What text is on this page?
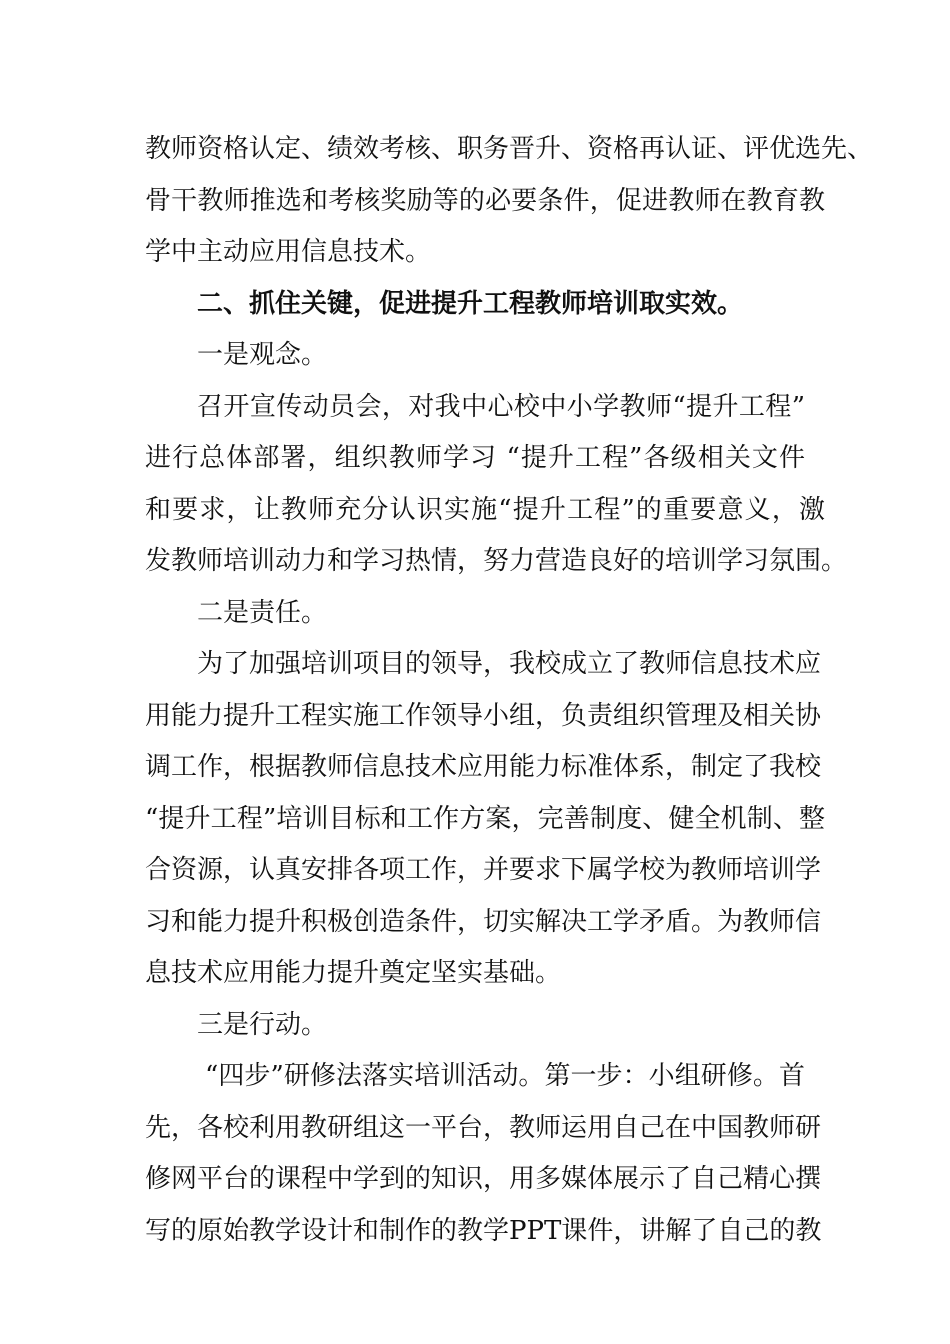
教师资格认定、绩效考核、职务晋升、资格再认证、评优选先、
骨干教师推选和考核奖励等的必要条件，促进教师在教育教
学中主动应用信息技术。
二、抓住关键，促进提升工程教师培训取实效。
一是观念。
召开宣传动员会，对我中心校中小学教师“提升工程”
进行总体部署，组织教师学习 “提升工程”各级相关文件
和要求，让教师充分认识实施“提升工程”的重要意义，激
发教师培训动力和学习热情，努力营造良好的培训学习氛围。
二是责任。
为了加强培训项目的领导，我校成立了教师信息技术应
用能力提升工程实施工作领导小组，负责组织管理及相关协
调工作，根据教师信息技术应用能力标准体系，制定了我校
“提升工程”培训目标和工作方案，完善制度、健全机制、整
合资源，认真安排各项工作，并要求下属学校为教师培训学
习和能力提升积极创造条件，切实解决工学矛盾。为教师信
息技术应用能力提升奠定坚实基础。
三是行动。
“四步”研修法落实培训活动。第一步：小组研修。首
先，各校利用教研组这一平台，教师运用自己在中国教师研
修网平台的课程中学到的知识，用多媒体展示了自己精心撰
写的原始教学设计和制作的教学PPT课件，讲解了自己的教
